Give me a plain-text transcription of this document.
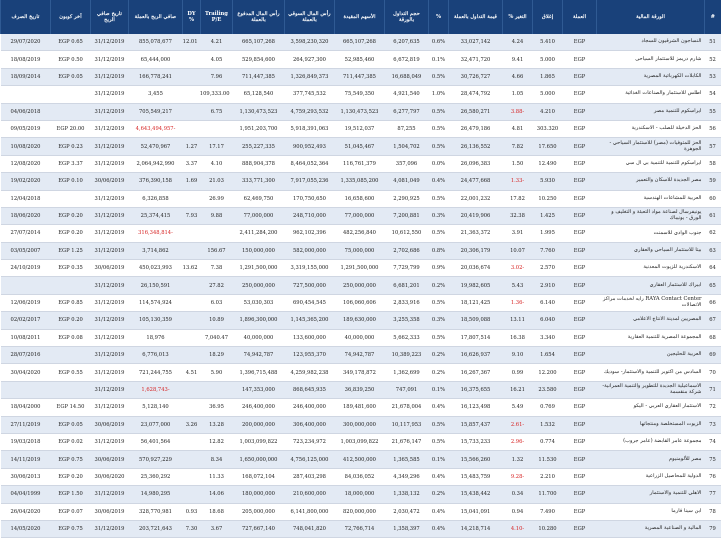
#	الورقة المالية	العملة	إغلاق	التغير %	قيمة التداول بالعملة	%	حجم التداول بالورقة	الأسهم المقيدة	رأس المال السوقي بالعملة	رأس المال المدفوع بالعملة	Trailing P/E	DY %	صافي الربح بالعملة	تاريخ صافي الربح	آخر كوبون	تاريخ الصرف
51	النساجون الشرقيون للسجاد	EGP	5.410	4.24	33,027,142	0.6%	6,207,635	665,107,268	3,598,230,320	665,107,268	4.21	12.01	855,078,677	31/12/2019	EGP 0.65	29/07/2020
52	شارم دريمز للاستثمار السياحى	EGP	5.000	9.41	32,471,720	0.1%	6,672,819	52,985,460	264,927,300	529,854,600	4.05		65,444,000	31/12/2019	EGP 0.50	18/08/2019
53	الكابلات الكهربائية المصرية	EGP	1.865	4.66	30,726,727	0.5%	16,688,049	711,447,385	1,326,849,373	711,447,385	7.96		166,778,241	31/12/2019	EGP 0.05	18/09/2014
54	اطلس للاستثمار والصناعات الغذائية	EGP	5.000	1.05	28,474,792	1.0%	4,921,540	75,549,350	377,745,532	65,128,540	109,333.00		3,455	31/12/2019		
55	ايراسكوم للتنمية مصر	EGP	4.210	-3.88	26,580,271	0.5%	6,277,797	1,130,473,523	4,759,293,532	1,130,473,523	6.75		705,549,217	31/12/2019		04/06/2018
56	الحز الدخيلة للصلب - الاسكندرية	EGP	303.320	4.81	26,479,186	0.5%	87,255	19,512,037	5,918,391,063	1,951,203,700			-4,643,494,957	31/12/2019	EGP 20.00	09/05/2019
57	الحز للمتوفيات (مصر) للاستثمار السياحي - الجوهرة	EGP	17.650	7.82	26,136,552	0.5%	1,504,702	51,045,467	900,952,493	255,227,335	17.17	1.27	52,470,967	31/12/2019	EGP 0.23	10/08/2020
58	ايراسكوم للتنمية للتنمية بي ال سي	EGP	12.490	1.50	26,096,383	0.0%	357,096	116,761,379	8,464,052,364	888,904,378	4.10	3.37	2,064,942,990	31/12/2019	EGP 3.37	12/08/2020
59	مصر الجديدة للاسكان والتعمير	EGP	5.930	-1.33	24,477,668	0.4%	4,081,049	1,335,085,200	7,917,055,236	333,771,300	21.03	1.69	376,390,158	30/06/2019	EGP 0.10	19/02/2020
60	العربية للمشاعات الهندسية	EGP	10.250	17.82	22,001,232	0.5%	2,290,925	16,658,600	170,750,650	62,469,750	26.99		6,326,858	31/12/2019		12/04/2018
61	يونيفرسال لصناعة مواد التعبئة و التغليف و الورق - يونيباك	EGP	1.425	32.38	20,419,906	0.3%	7,200,881	77,000,000	248,710,000	77,000,000	9.88	7.93	25,374,415	31/12/2019	EGP 0.20	18/06/2020
62	جنوب الوادي للاسمنت	EGP	1.995	3.91	21,363,372	0.5%	10,612,550	482,256,840	962,102,396	2,411,284,200			-316,348,814	31/12/2019	EGP 0.20	27/07/2014
63	بيتا للاستثمار السياحي والعقاري	EGP	7.760	10.07	20,306,179	0.8%	2,702,686	75,000,000	582,000,000	150,000,000	156.67		3,714,862	31/12/2019	EGP 1.25	03/05/2007
64	الاسكندرية للزيوت المعدنية	EGP	2.570	-3.02	20,036,674	0.9%	7,729,799	1,291,500,000	3,319,155,000	1,291,500,000	7.38	13.62	450,023,993	30/06/2019	EGP 0.35	24/10/2019
65	ابيراك للاستثمار العقاري	EGP	2.910	5.43	19,982,605	0.2%	6,681,201	250,000,000	727,500,000	250,000,000	27.82		26,150,591	31/12/2019		
66	RAYA Contact Center رايه لخدمات مراكز الاتصالات	EGP	6.140	-1.36	18,121,425	0.5%	2,833,916	106,060,606	690,454,545	53,030,303	6.03		114,574,924	31/12/2019	EGP 0.85	12/06/2019
67	المصريين لمدينة الانتاج الاعلامي	EGP	6.040	13.11	18,509,088	0.3%	3,255,358	189,630,000	1,145,365,200	1,896,300,000	10.89		105,130,359	31/12/2019	EGP 0.20	02/02/2017
68	المجموعة المصرية للتنمية العقارية	EGP	3.340	16.38	17,807,514	0.5%	5,662,333	40,000,000	133,600,000	40,000,000	7,040.47		18,976	31/12/2019	EGP 0.08	10/08/2011
69	العربية للحليجين	EGP	1.654	9.10	16,626,937	0.2%	10,389,223	74,942,787	123,955,370	74,942,787	18.29		6,776,013	31/12/2019		28/07/2016
70	السادس من اكتوبر للتنمية والاستثمار- سوديك	EGP	12.200	0.99	16,267,367	0.2%	1,362,699	349,178,872	4,259,982,238	1,396,715,488	5.90	4.51	721,244,755	31/12/2019	EGP 0.55	30/04/2020
71	الاسماعيلية الجديدة للتطوير والتنمية العمرانية- شركة منقسمة	EGP	23.580	16.21	16,375,655	0.1%	747,091	36,839,250	868,645,935	147,353,000			-1,628,743	31/12/2019		
72	الاستثمار العقاري العربي - اليكو	EGP	0.769	5.49	16,123,498	0.4%	21,678,004	189,481,600	246,400,000	246,400,000	36.95		5,128,140	31/12/2019	EGP 14.50	18/04/2000
73	الزيوت المستخلصة ومنتجاتها	EGP	1.532	-2.61	15,857,437	0.5%	10,117,953	300,000,000	306,400,000	200,000,000	13.28	3.26	23,077,000	30/06/2019	EGP 0.05	27/11/2019
74	مجموعة عامر القابضة (عامر جروب)	EGP	0.774	-2.96	15,733,233	0.5%	21,676,147	1,003,099,822	723,234,972	1,003,099,822	12.82		56,401,564	31/12/2019	EGP 0.02	19/03/2018
75	مصر للألومنيوم	EGP	11.530	1.32	15,566,260	0.1%	1,365,585	412,500,000	4,756,125,000	1,650,000,000	8.34		570,927,229	30/06/2019	EGP 0.75	14/11/2019
76	الدولية للمحاصيل الزراعية	EGP	2.210	-9.28	15,483,759	0.4%	4,349,296	84,036,052	287,403,298	168,072,104	11.33		25,360,292	30/06/2020	EGP 0.20	30/06/2013
77	الاهلي للتنمية والاستثمار	EGP	11.700	0.34	15,438,442	0.2%	1,338,132	18,000,000	210,600,000	180,000,000	14.06		14,980,295	31/12/2019	EGP 1.50	04/04/1999
78	ابن سينا فارما	EGP	7.490	0.94	15,041,091	0.4%	2,030,472	820,000,000	6,141,800,000	205,000,000	18.68	0.93	328,770,981	30/06/2019	EGP 0.07	26/04/2020
79	المالية و الصناعية المصرية	EGP	10.280	-4.10	14,218,714	0.4%	1,358,397	72,766,714	748,041,820	727,667,140	3.67	7.30	203,721,643	31/12/2019	EGP 0.75	14/05/2020
